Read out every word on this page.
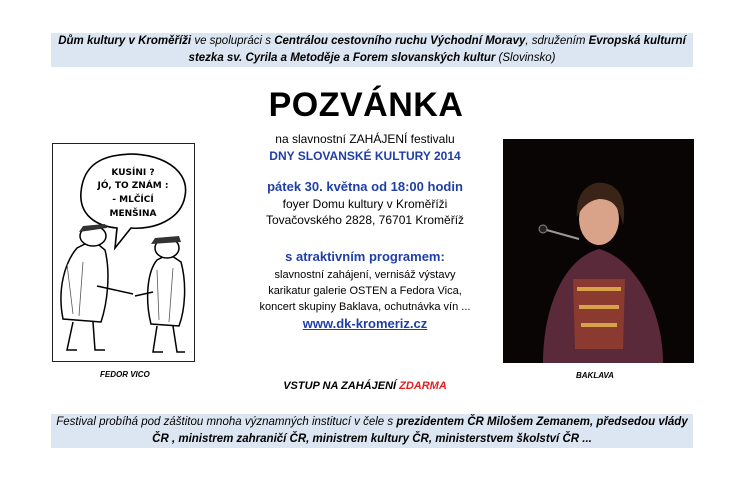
Dům kultury v Kroměříži ve spolupráci s Centrálou cestovního ruchu Východní Moravy, sdružením Evropská kulturní
stezka sv. Cyrila a Metoděje a Forem slovanských kultur (Slovinsko)
POZVÁNKA
na slavnostní ZAHÁJENÍ festivalu
DNY SLOVANSKÉ KULTURY 2014
pátek 30. května od 18:00 hodin
foyer Domu kultury v Kroměříži
Tovačovského 2828, 76701 Kroměříž
s atraktivním programem:
slavnostní zahájení, vernisáž výstavy
karikatur galerie OSTEN a Fedora Vica,
koncert skupiny Baklava, ochutnávka vín ...
www.dk-kromeriz.cz
KUSÍNI ?
JÓ, TO ZNÁM :
- MLČÍCÍ
MENŠINA
FEDOR VICO	BAKLAVA
VSTUP NA ZAHÁJENÍ ZDARMA
Festival probíhá pod záštitou mnoha významných institucí v čele s prezidentem ČR Milošem Zemanem, předsedou vlády
ČR , ministrem zahraničí ČR, ministrem kultury ČR, ministerstvem školství ČR ...
